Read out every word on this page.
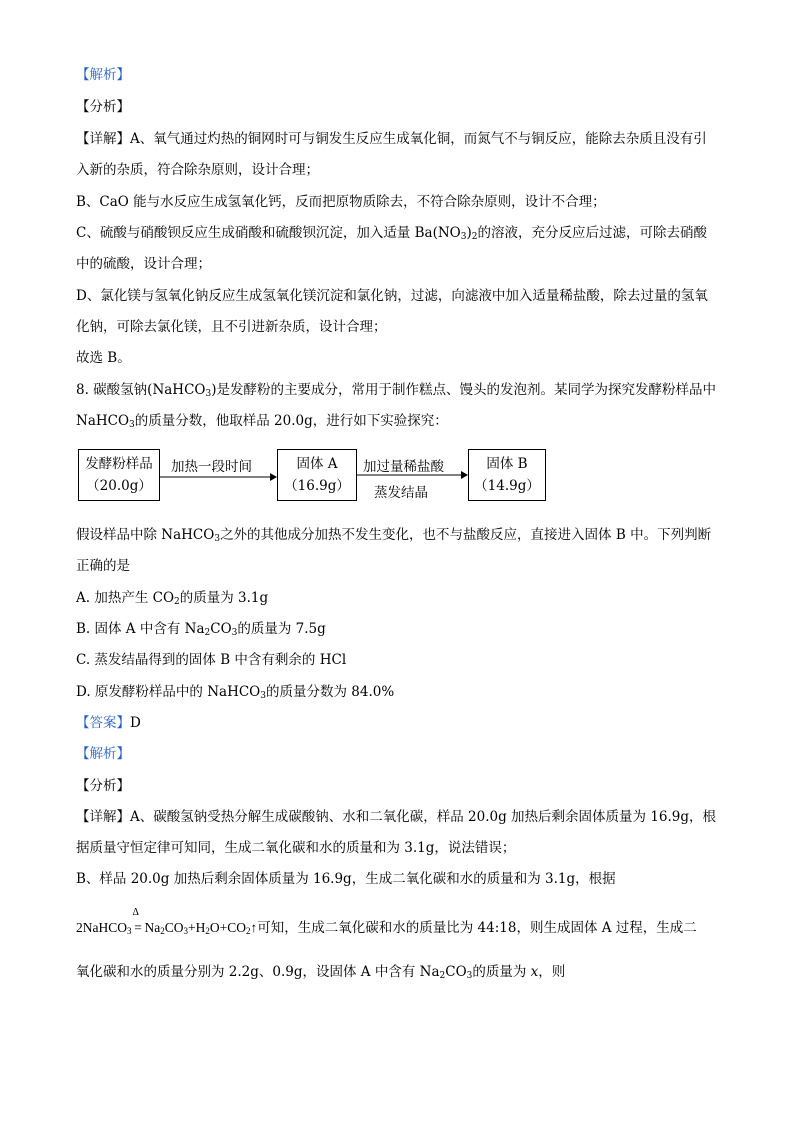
【解析】
【分析】
【详解】A、氧气通过灼热的铜网时可与铜发生反应生成氧化铜，而氮气不与铜反应，能除去杂质且没有引
入新的杂质，符合除杂原则，设计合理；
B、CaO 能与水反应生成氢氧化钙，反而把原物质除去，不符合除杂原则，设计不合理；
C、硫酸与硝酸钡反应生成硝酸和硫酸钡沉淀，加入适量 $Ba(NO_3)_2$的溶液，充分反应后过滤，可除去硝酸
中的硫酸，设计合理；
D、氯化镁与氢氧化钠反应生成氢氧化镁沉淀和氯化钠，过滤，向滤液中加入适量稀盐酸，除去过量的氢氧
化钠，可除去氯化镁，且不引进新杂质，设计合理；
故选 B。
8. 碳酸氢钠(NaHCO$_3$)是发酵粉的主要成分，常用于制作糕点、馒头的发泡剂。某同学为探究发酵粉样品中
NaHCO$_3$的质量分数，他取样品 20.0g，进行如下实验探究：
发酵粉样品
（20.0g）
加热一段时间	固体 A
（16.9g）
加过量稀盐酸
蒸发结晶
固体 B
（14.9g）
假设样品中除 NaHCO$_3$之外的其他成分加热不发生变化，也不与盐酸反应，直接进入固体 B 中。下列判断
正确的是
A. 加热产生 $CO_2$的质量为 3.1g
B. 固体 A 中含有 $Na_2CO_3$的质量为 7.5g
C. 蒸发结晶得到的固体 B 中含有剩余的 HCl
D. 原发酵粉样品中的 NaHCO$_3$的质量分数为 84.0%
【答案】D
【解析】
【分析】
【详解】A、碳酸氢钠受热分解生成碳酸钠、水和二氧化碳，样品 20.0g 加热后剩余固体质量为 16.9g，根
据质量守恒定律可知同，生成二氧化碳和水的质量和为 3.1g，说法错误；
B、样品 20.0g 加热后剩余固体质量为 16.9g，生成二氧化碳和水的质量和为 3.1g，根据
2NaHCO$_3$
Δ
= $Na_2CO_3+H_2O+CO_2↑$可知，生成二氧化碳和水的质量比为 44:18，则生成固体 A 过程，生成二
氧化碳和水的质量分别为 2.2g、0.9g，设固体 A 中含有 $Na_2CO_3$的质量为 x，则
